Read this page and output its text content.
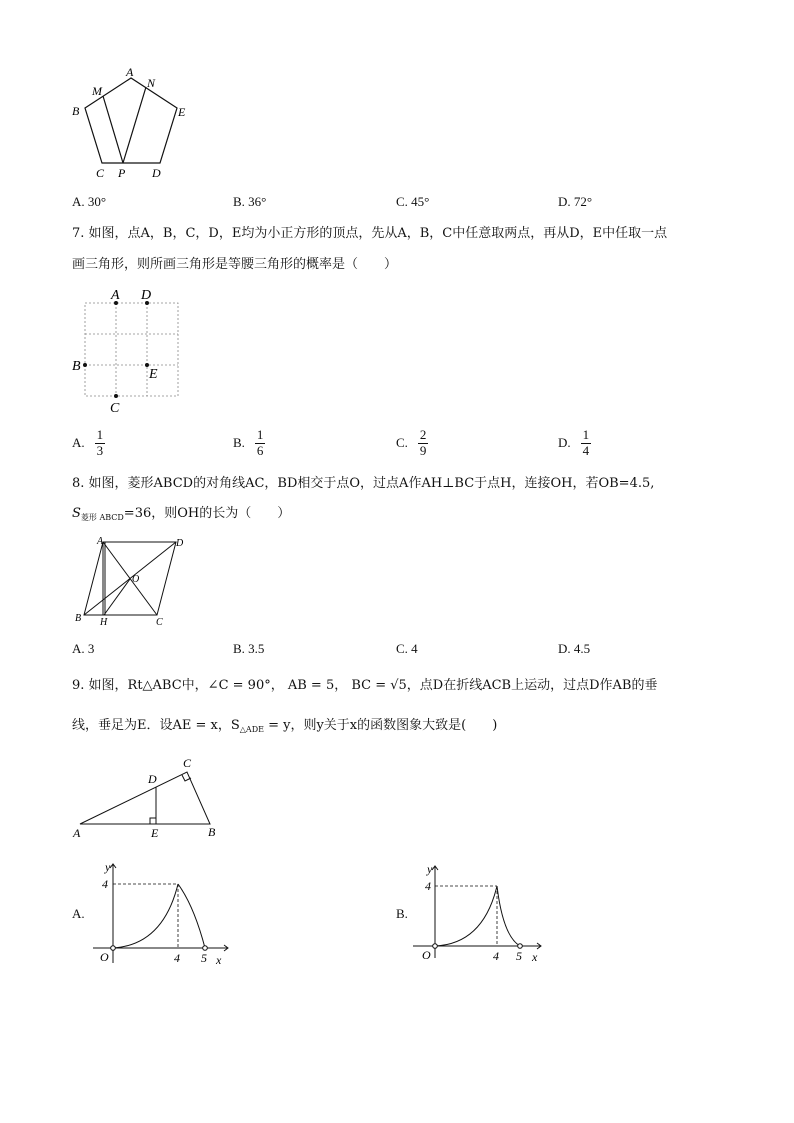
A
M
N
B	E
C P D
A. 30°	B. 36°	C. 45°	D. 72°
7. 如图，点A，B，C，D，E均为小正方形的顶点，先从A，B，C中任意取两点，再从D，E中任取一点
画三角形，则所画三角形是等腰三角形的概率是（　　）
A D
B
E
C
A. $\frac{1}{3}$	B. $\frac{1}{6}$	C. $\frac{2}{9}$	D. $\frac{1}{4}$
8. 如图，菱形ABCD的对角线AC，BD相交于点O，过点A作AH⊥BC于点H，连接OH，若OB=4.5,
$S_{菱形 ABCD}=36$，则OH的长为（　　）
A	D
O
B H	C
A. 3	B. 3.5	C. 4	D. 4.5
9. 如图，Rt△ABC中，∠C = 90°， AB = 5， BC = √5，点D在折线ACB上运动，过点D作AB的垂
线，垂足为E．设AE = x，$S_{\triangle ADE} = y$，则y关于x的函数图象大致是(　　)
A	B
C
D
E
A.
y
x
O
4
4 5
B.
y
x
O
4
4 5
